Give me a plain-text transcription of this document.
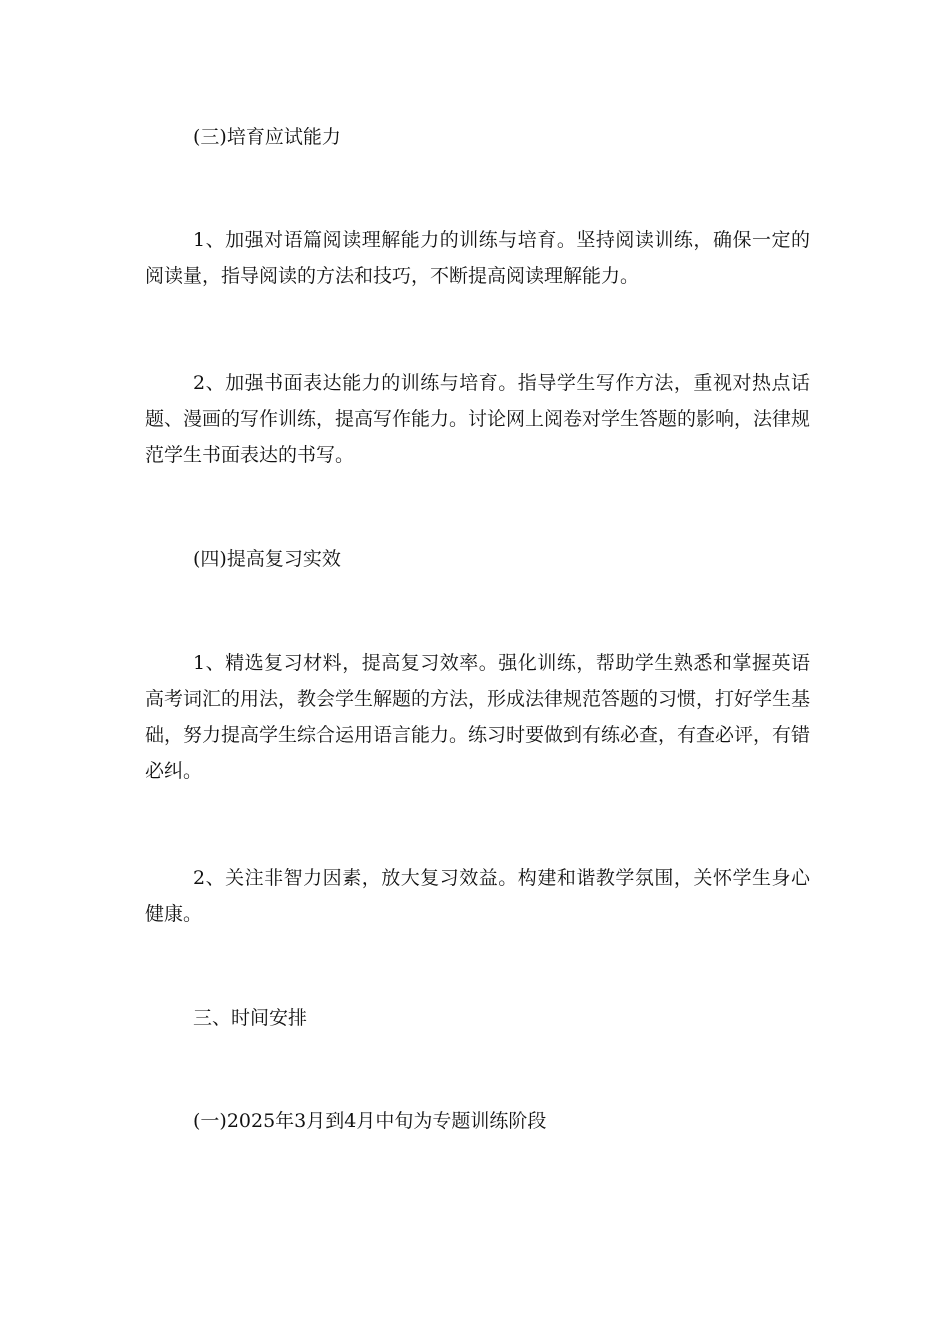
(三)培育应试能力

1、加强对语篇阅读理解能力的训练与培育。坚持阅读训练，确保一定的阅读量，指导阅读的方法和技巧，不断提高阅读理解能力。

2、加强书面表达能力的训练与培育。指导学生写作方法，重视对热点话题、漫画的写作训练，提高写作能力。讨论网上阅卷对学生答题的影响，法律规范学生书面表达的书写。

(四)提高复习实效

1、精选复习材料，提高复习效率。强化训练，帮助学生熟悉和掌握英语高考词汇的用法，教会学生解题的方法，形成法律规范答题的习惯，打好学生基础，努力提高学生综合运用语言能力。练习时要做到有练必查，有查必评，有错必纠。

2、关注非智力因素，放大复习效益。构建和谐教学氛围，关怀学生身心健康。

三、时间安排

(一)2025年3月到4月中旬为专题训练阶段
